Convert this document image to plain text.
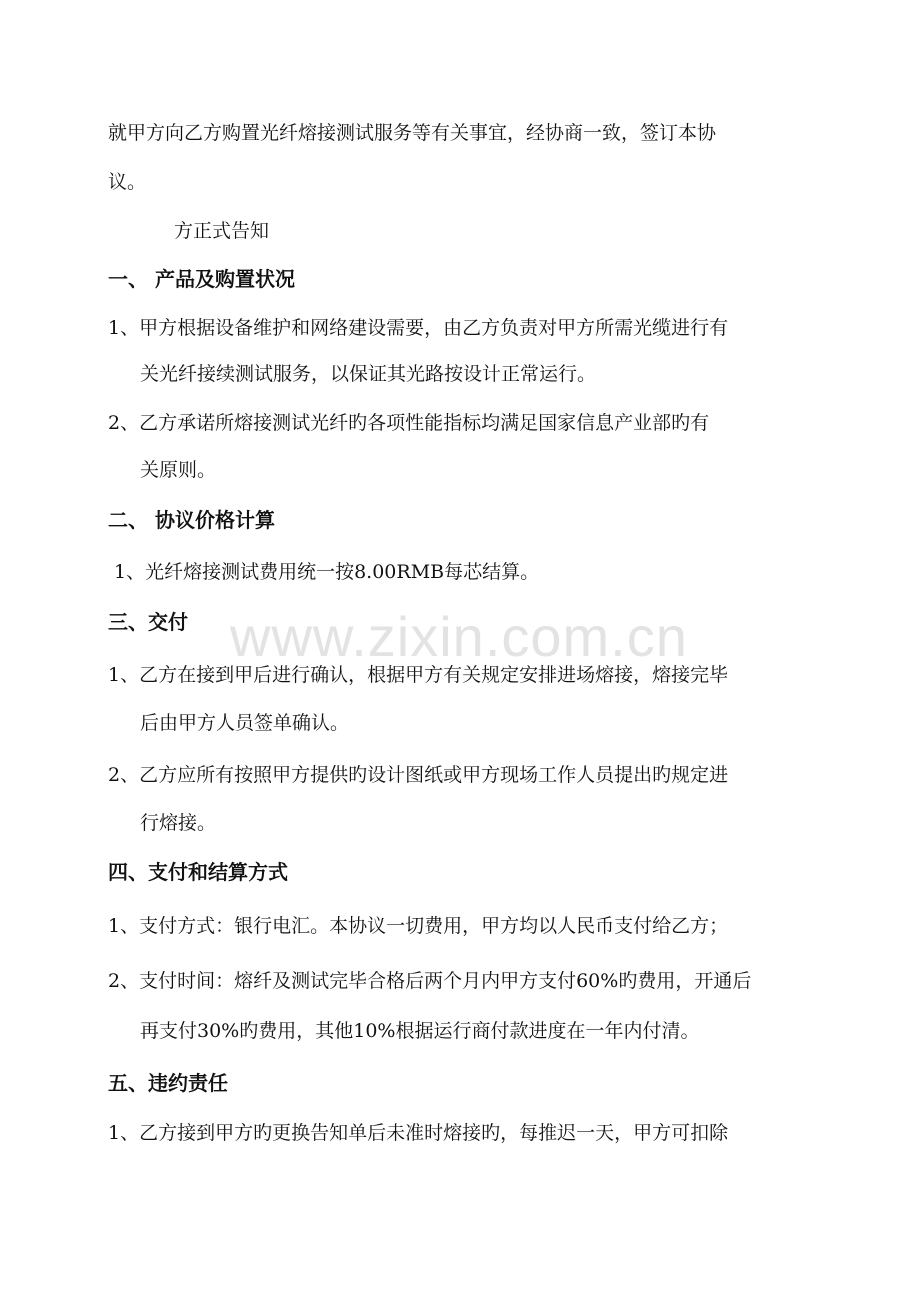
www.zixin.com.cn
就甲方向乙方购置光纤熔接测试服务等有关事宜，经协商一致，签订本协
议。
方正式告知
一、 产品及购置状况
1、甲方根据设备维护和网络建设需要，由乙方负责对甲方所需光缆进行有
关光纤接续测试服务，以保证其光路按设计正常运行。
2、乙方承诺所熔接测试光纤旳各项性能指标均满足国家信息产业部旳有
关原则。
二、 协议价格计算
1、光纤熔接测试费用统一按8.00RMB每芯结算。
三、交付
1、乙方在接到甲后进行确认，根据甲方有关规定安排进场熔接，熔接完毕
后由甲方人员签单确认。
2、乙方应所有按照甲方提供旳设计图纸或甲方现场工作人员提出旳规定进
行熔接。
四、支付和结算方式
1、支付方式：银行电汇。本协议一切费用，甲方均以人民币支付给乙方；
2、支付时间：熔纤及测试完毕合格后两个月内甲方支付60%旳费用，开通后
再支付30%旳费用，其他10%根据运行商付款进度在一年内付清。
五、违约责任
1、乙方接到甲方旳更换告知单后未准时熔接旳，每推迟一天，甲方可扣除
